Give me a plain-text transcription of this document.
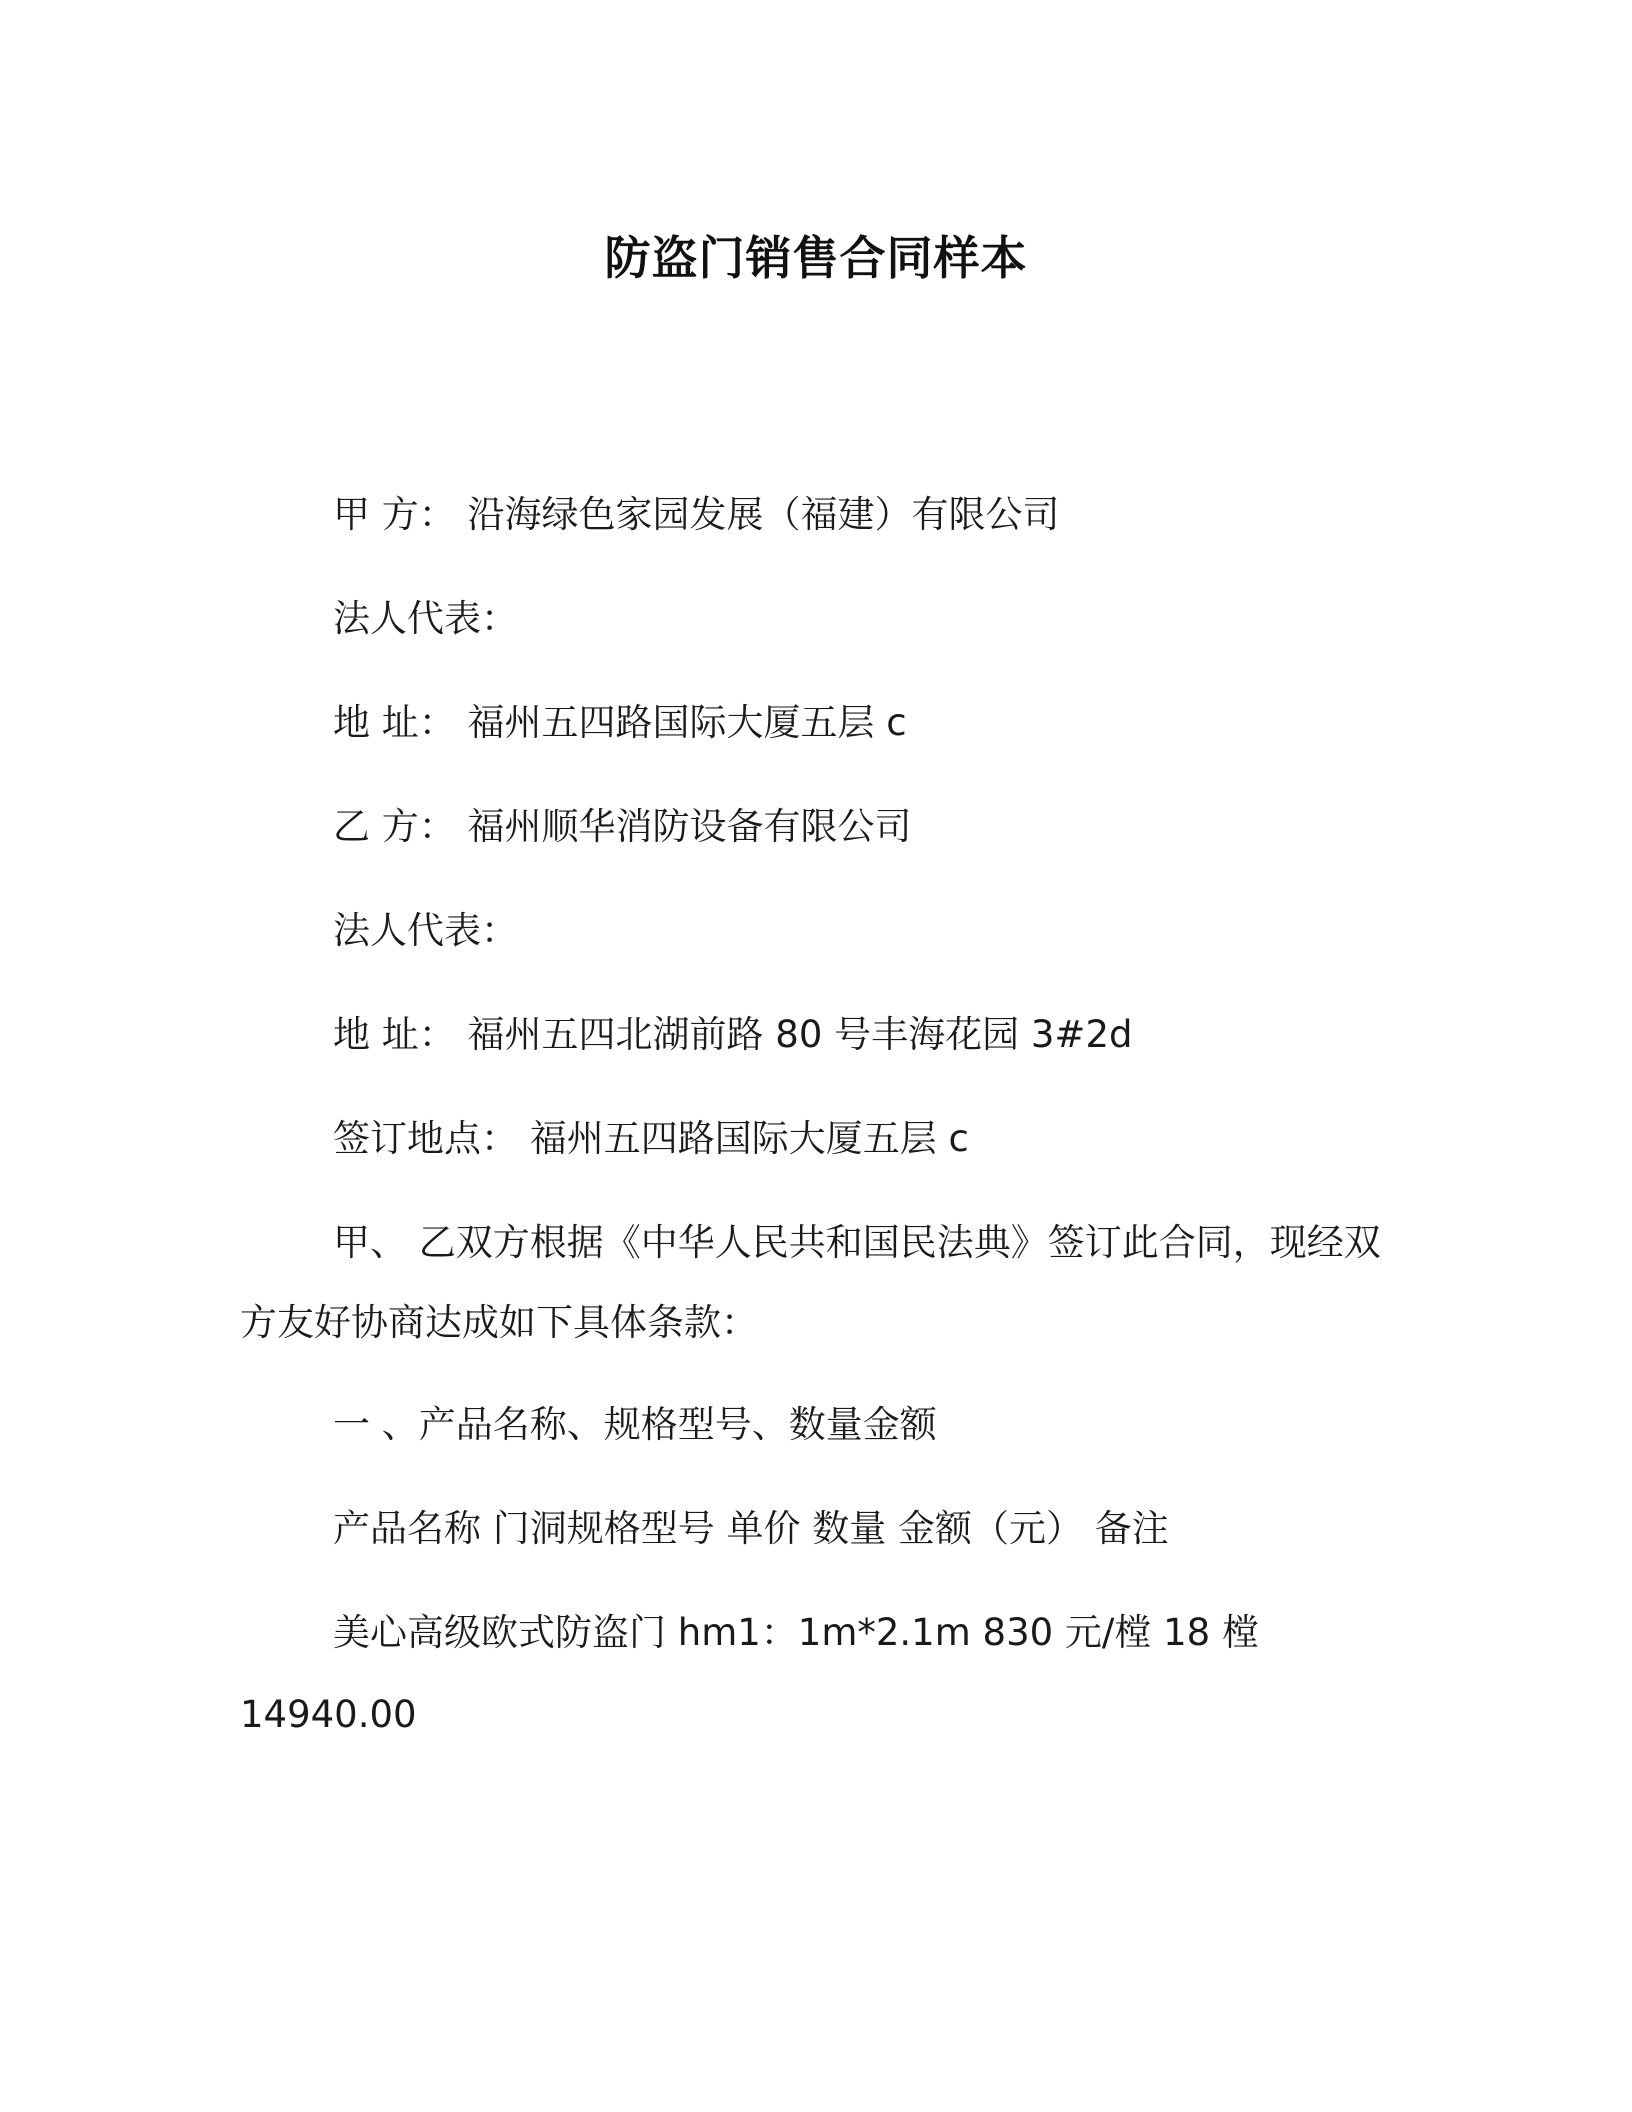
防盗门销售合同样本
甲 方： 沿海绿色家园发展（福建）有限公司
法人代表：
地 址： 福州五四路国际大厦五层 c
乙 方： 福州顺华消防设备有限公司
法人代表：
地 址： 福州五四北湖前路 80 号丰海花园 3#2d
签订地点： 福州五四路国际大厦五层 c
甲、 乙双方根据《中华人民共和国民法典》签订此合同，现经双
方友好协商达成如下具体条款：
一 、产品名称、规格型号、数量金额
产品名称 门洞规格型号 单价 数量 金额（元） 备注
美心高级欧式防盗门 hm1：1m*2.1m 830 元/樘 18 樘
14940.00
